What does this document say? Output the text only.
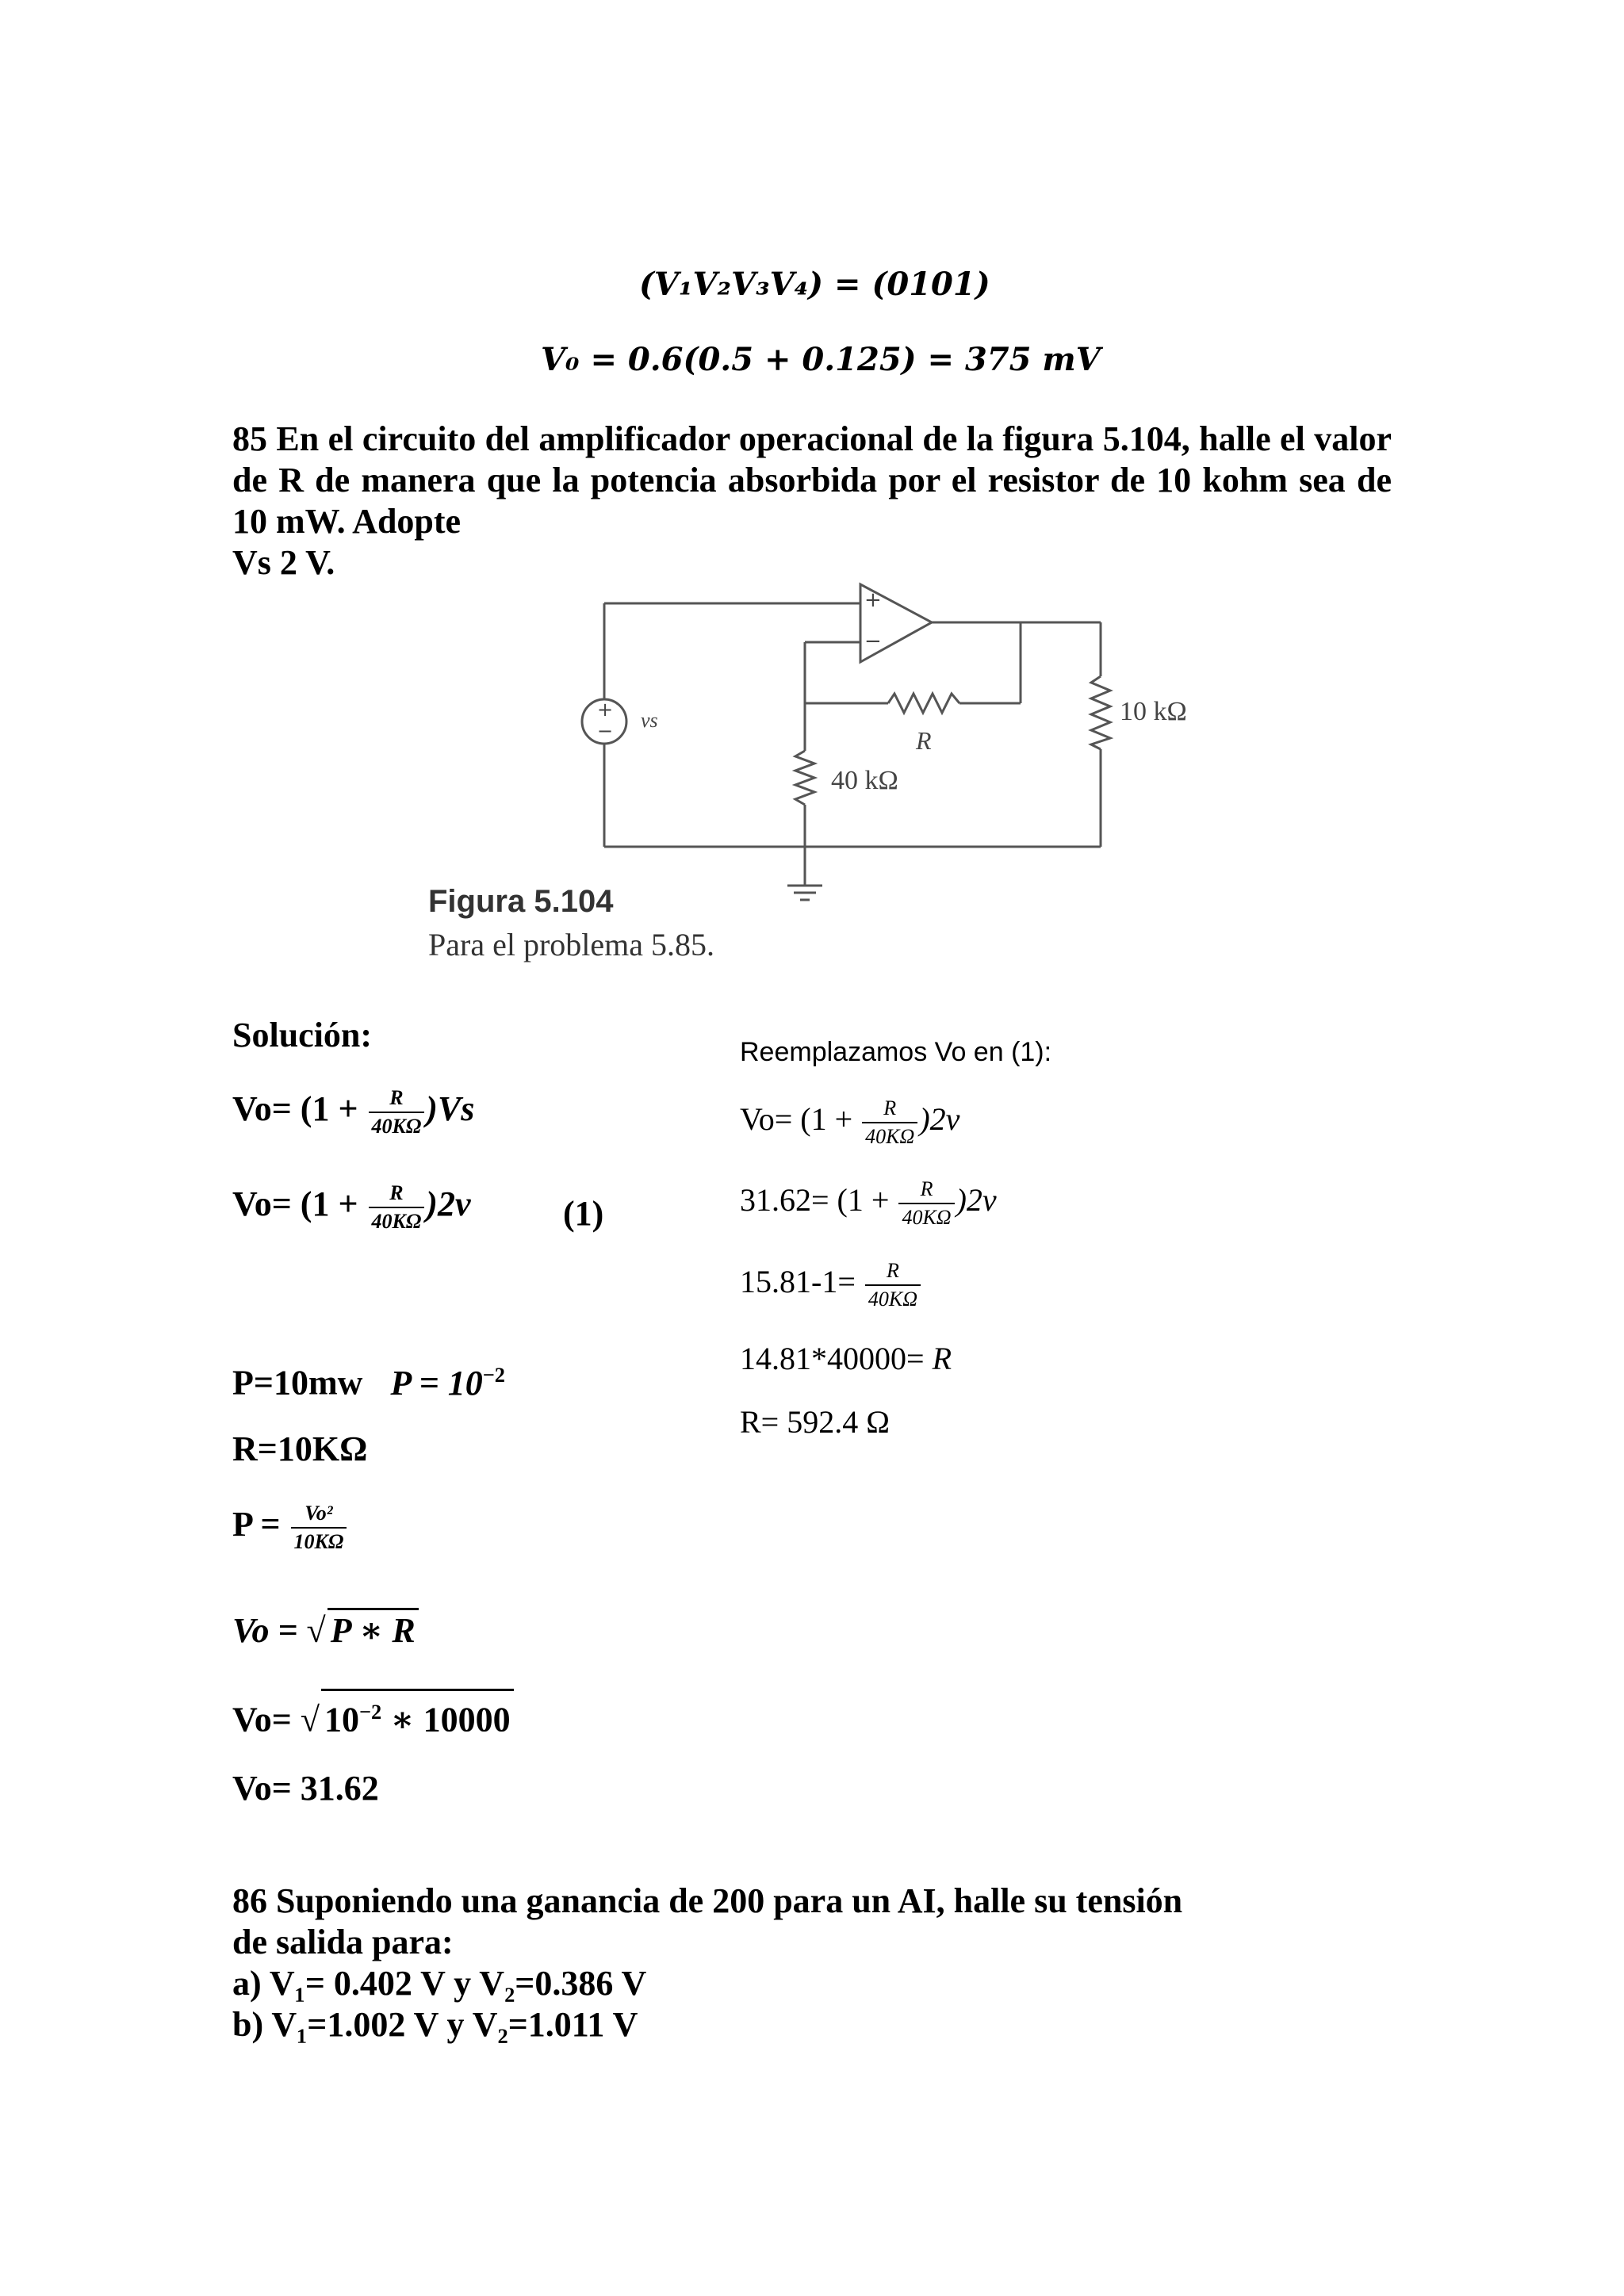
(V₁V₂V₃V₄) = (0101)
V₀ = 0.6(0.5 + 0.125) = 375 mV
85 En el circuito del amplificador operacional de la figura 5.104, halle el valor de R de manera que la potencia absorbida por el resistor de 10 kohm sea de 10 mW. Adopte
Vs 2 V.
+
−
+
− vs
R
40 kΩ
10 kΩ
Figura 5.104
Para el problema 5.85.
Solución:
$Vo= (1 + \frac{R}{40K\Omega} )Vs$
$Vo= (1 + \frac{R}{40K\Omega} )2v$	(1)
P=10mw $P = 10^{-2}$
R=10KΩ
$P = \frac{\text{Vo²}}{10K\Omega}$
Vo = √ P ∗ R
Vo= √ $10^{-2}$ ∗ 10000
Vo= 31.62
Reemplazamos Vo en (1):
$Vo= (1 + \frac{R}{40K\Omega} )2v$
$31.62= (1 + \frac{R}{40K\Omega} )2v$
$15.81-1= \frac{R}{40K\Omega}$
14.81*40000= R
R= 592.4 Ω
86 Suponiendo una ganancia de 200 para un AI, halle su tensión
de salida para:
a) V₁= 0.402 V y V₂=0.386 V
b) V₁=1.002 V y V₂=1.011 V
